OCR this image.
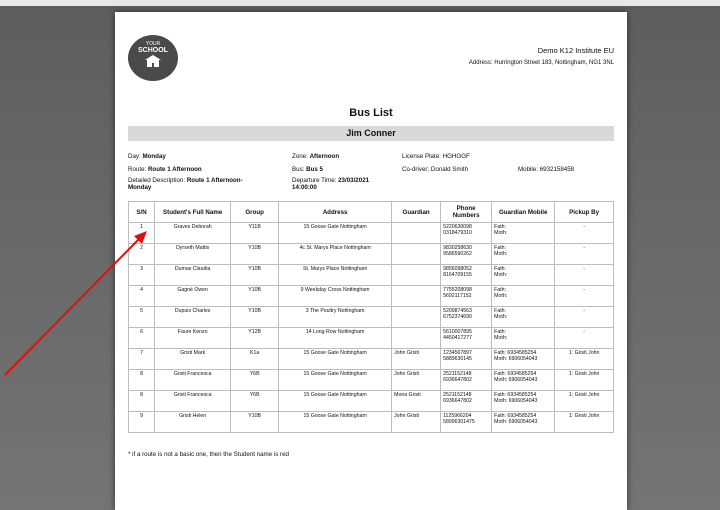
YOUR
SCHOOL	Demo K12 Institute EU
Address: Hurrington Street 183, Nottingham, NG1 3NL
Bus List
Jim Conner
Day: Monday	Zone: Afternoon	License Plate: HGHGGF
Route: Route 1 Afternoon	Bus: Bus 5	Co-driver: Donald Smith	Mobile: 6932158458
Detailed Description: Route 1 Afternoon-
Monday
Departure Time: 23/03/2021
14:00:00
S/N	Student's Full Name	Group	Address	Guardian	Phone Numbers	Guardian Mobile	Pickup By
1	Graves Deborah	Y11B	15 Goose Gate Nottingham		5220630098
0318479310	Fath:
Moth:	-
2	Dyrseth Mattis	Y10B	4c St. Marys Place Nottingham		9830258630
9586590262	Fath:
Moth:	-
3	Dumas Claudia	Y10B	St. Marys Place Nottingham		9856098052
8164709155	Fath:
Moth:	-
4	Gagné Owen	Y10B	9 Weekday Cross Nottingham		7755208098
5692117152	Fath:
Moth:	-
5	Dupuis Charles	Y10B	3 The Poultry Nottingham		5209874563
6752374690	Fath:
Moth:	-
6	Faure Kenzo	Y12B	14 Long Row Nottingham		5610007895
4450417277	Fath:
Moth:	-
7	Gristi Mark	K1a	15 Goose Gate Nottingham	John Gristi	1234567897
5889630145	Fath: 6934585254
Moth: 6906054043	1: Gristi John
8	Gristi Francesca	Y6B	15 Goose Gate Nottingham	John Gristi	2521152148
6936647802	Fath: 6934585254
Moth: 6906054043	1: Gristi John
8	Gristi Francesca	Y6B	15 Goose Gate Nottingham	Moira Gristi	2521152148
6936647802	Fath: 6934585254
Moth: 6906054043	1: Gristi John
9	Gristi Helen	Y10B	15 Goose Gate Nottingham	John Gristi	1125966204
58996301475	Fath: 6934585254
Moth: 6906054043	1: Gristi John
* if a route is not a basic one, then the Student name is red
